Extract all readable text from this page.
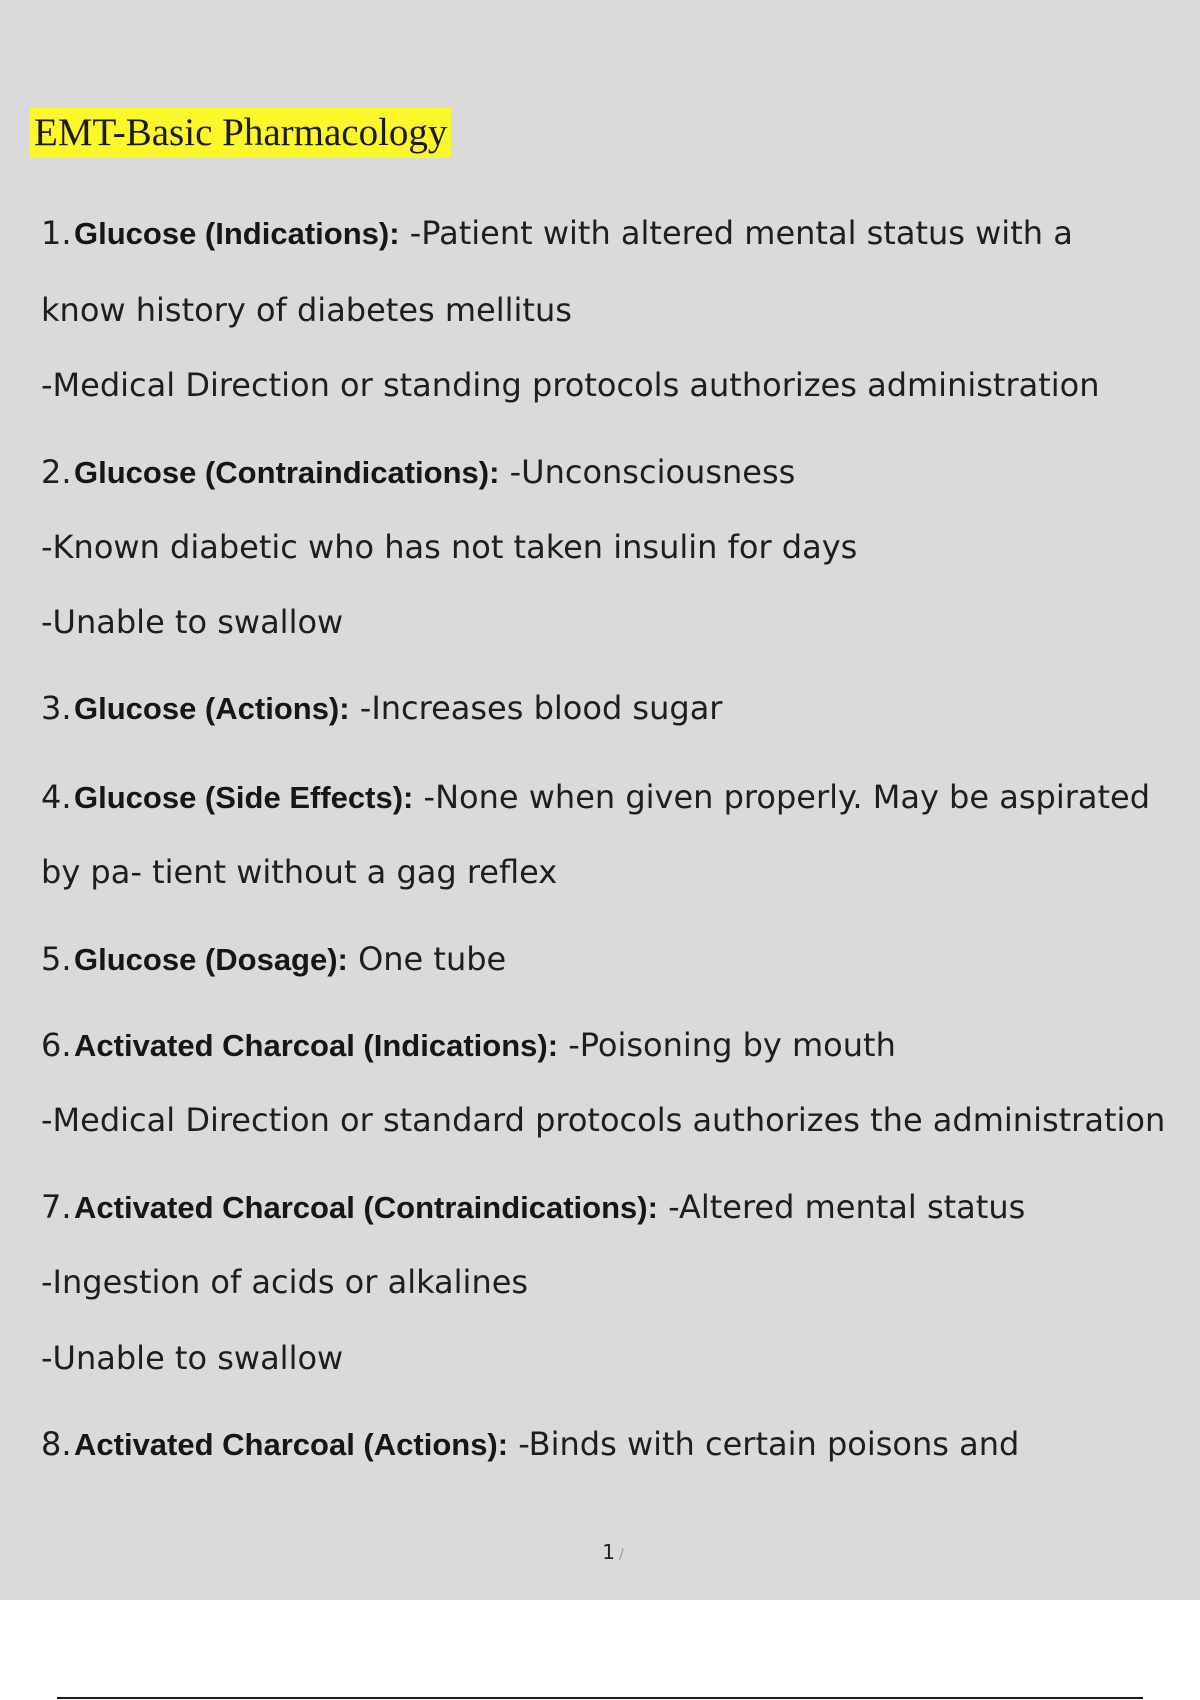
EMT-Basic Pharmacology
1.Glucose (Indications): -Patient with altered mental status with a
know history of diabetes mellitus
-Medical Direction or standing protocols authorizes administration
2.Glucose (Contraindications): -Unconsciousness
-Known diabetic who has not taken insulin for days
-Unable to swallow
3.Glucose (Actions): -Increases blood sugar
4.Glucose (Side Effects): -None when given properly. May be aspirated
by pa- tient without a gag reflex
5.Glucose (Dosage): One tube
6.Activated Charcoal (Indications): -Poisoning by mouth
-Medical Direction or standard protocols authorizes the administration
7.Activated Charcoal (Contraindications): -Altered mental status
-Ingestion of acids or alkalines
-Unable to swallow
8.Activated Charcoal (Actions): -Binds with certain poisons and
1 /
